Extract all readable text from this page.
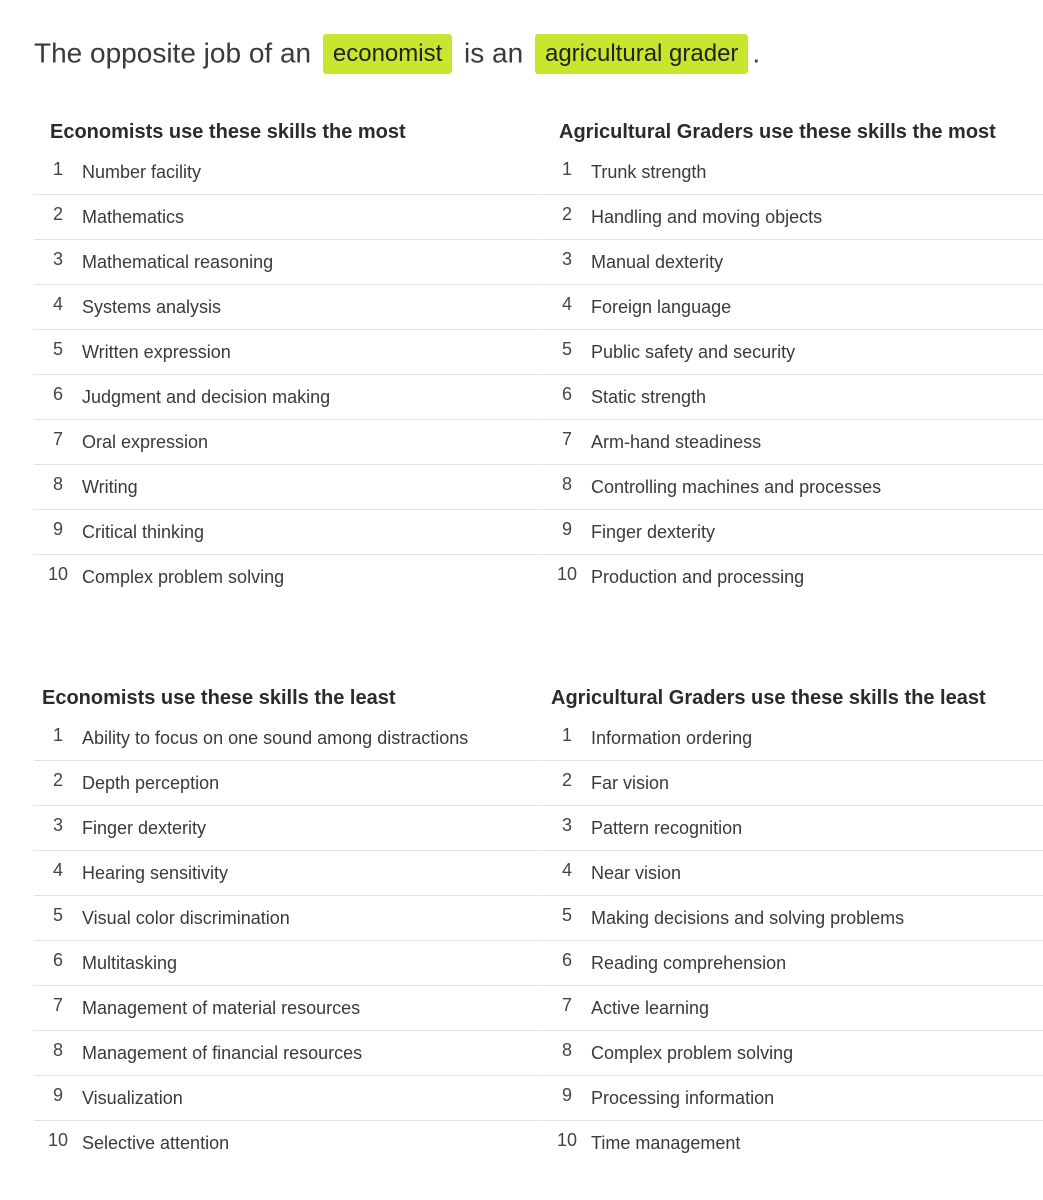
The opposite job of an economist is an agricultural grader .
Economists use these skills the most
1	Number facility
2	Mathematics
3	Mathematical reasoning
4	Systems analysis
5	Written expression
6	Judgment and decision making
7	Oral expression
8	Writing
9	Critical thinking
10 Complex problem solving
Agricultural Graders use these skills the most
1	Trunk strength
2	Handling and moving objects
3	Manual dexterity
4	Foreign language
5	Public safety and security
6	Static strength
7	Arm-hand steadiness
8	Controlling machines and processes
9	Finger dexterity
10 Production and processing
Economists use these skills the least
1	Ability to focus on one sound among distractions
2	Depth perception
3	Finger dexterity
4	Hearing sensitivity
5	Visual color discrimination
6	Multitasking
7	Management of material resources
8	Management of financial resources
9	Visualization
10 Selective attention
Agricultural Graders use these skills the least
1	Information ordering
2	Far vision
3	Pattern recognition
4	Near vision
5	Making decisions and solving problems
6	Reading comprehension
7	Active learning
8	Complex problem solving
9	Processing information
10 Time management
